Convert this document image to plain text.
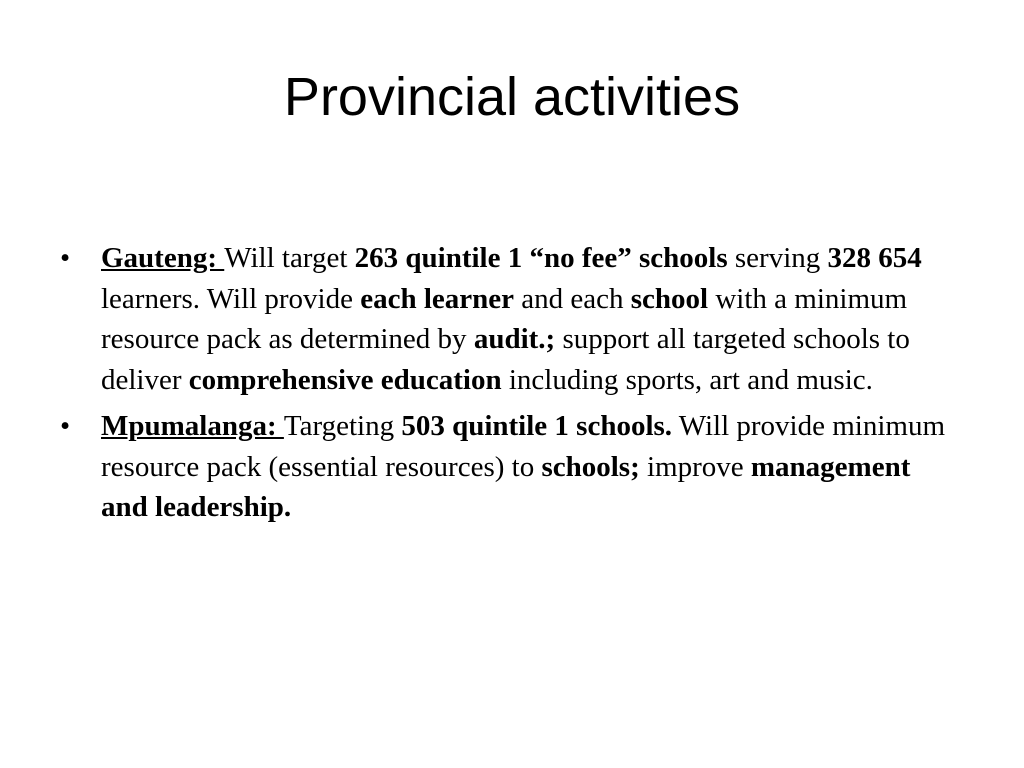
Provincial activities
• Gauteng: Will target 263 quintile 1 “no fee” schools serving 328 654 learners. Will provide each learner and each school with a minimum resource pack as determined by audit.; support all targeted schools to deliver comprehensive education including sports, art and music.
• Mpumalanga: Targeting 503 quintile 1 schools. Will provide minimum resource pack (essential resources) to schools; improve management and leadership.
